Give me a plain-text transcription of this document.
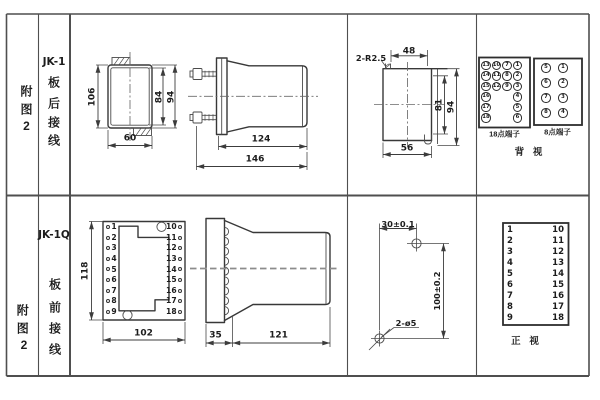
附
图
2
JK-1
板
后
接
线
106	84 94
60	124
146
2-R2.5
48
81 94
56
18点端子	8点端子
背 视
13
14
15
16
17
18
10
11
12
7
8
9
1
2
3
4
5
6
5
6
7
8
1
2
3
4
附
图
2
JK-1Q
板
前
接
线
118
102	35	121
30±0.1
100±0.2
2-ø5
正 视
1
2
3
4
5
6
7
8
9
10
11
12
13
14
15
16
17
18
1
2
3
4
5
6
7
8
9
10
11
12
13
14
15
16
17
18
